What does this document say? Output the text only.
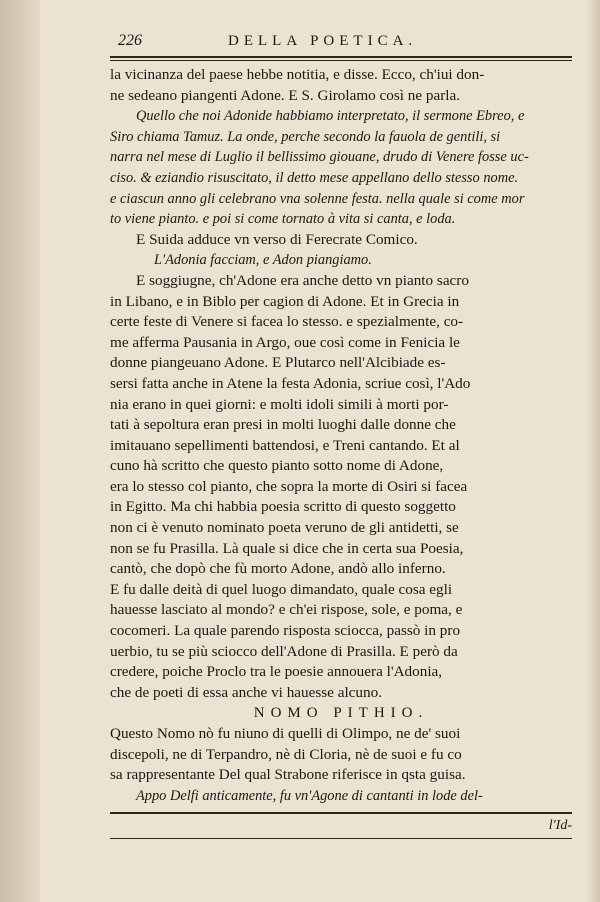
226	DELLA POETICA.
la vicinanza del paese hebbe notitia, e disse. Ecco, ch'iui don-
ne sedeano piangenti Adone. E S. Girolamo così ne parla.
Quello che noi Adonide habbiamo interpretato, il sermone Ebreo, e
Siro chiama Tamuz. La onde, perche secondo la fauola de gentili, si
narra nel mese di Luglio il bellissimo giouane, drudo di Venere fosse uc-
ciso. & eziandio risuscitato, il detto mese appellano dello stesso nome.
e ciascun anno gli celebrano vna solenne festa. nella quale si come mor
to viene pianto. e poi si come tornato à vita si canta, e loda.
E Suida adduce vn verso di Ferecrate Comico.
L'Adonia facciam, e Adon piangiamo.
E soggiugne, ch'Adone era anche detto vn pianto sacro
in Libano, e in Biblo per cagion di Adone. Et in Grecia in
certe feste di Venere si facea lo stesso. e spezialmente, co-
me afferma Pausania in Argo, oue così come in Fenicia le
donne piangeuano Adone. E Plutarco nell'Alcibiade es-
sersi fatta anche in Atene la festa Adonia, scriue così, l'Ado
nia erano in quei giorni: e molti idoli simili à morti por-
tati à sepoltura eran presi in molti luoghi dalle donne che
imitauano sepellimenti battendosi, e Treni cantando. Et al
cuno hà scritto che questo pianto sotto nome di Adone,
era lo stesso col pianto, che sopra la morte di Osiri si facea
in Egitto. Ma chi habbia poesia scritto di questo soggetto
non ci è venuto nominato poeta veruno de gli antidetti, se
non se fu Prasilla. Là quale si dice che in certa sua Poesia,
cantò, che dopò che fù morto Adone, andò allo inferno.
E fu dalle deità di quel luogo dimandato, quale cosa egli
hauesse lasciato al mondo? e ch'ei rispose, sole, e poma, e
cocomeri. La quale parendo risposta sciocca, passò in pro
uerbio, tu se più sciocco dell'Adone di Prasilla. E però da
credere, poiche Proclo tra le poesie annouera l'Adonia,
che de poeti di essa anche vi hauesse alcuno.
NOMO PITHIO.
Questo Nomo nò fu niuno di quelli di Olimpo, ne de' suoi
discepoli, ne di Terpandro, nè di Cloria, nè de suoi e fu co
sa rappresentante Del qual Strabone riferisce in qsta guisa.
Appo Delfi anticamente, fu vn'Agone di cantanti in lode del-
l'Id-
